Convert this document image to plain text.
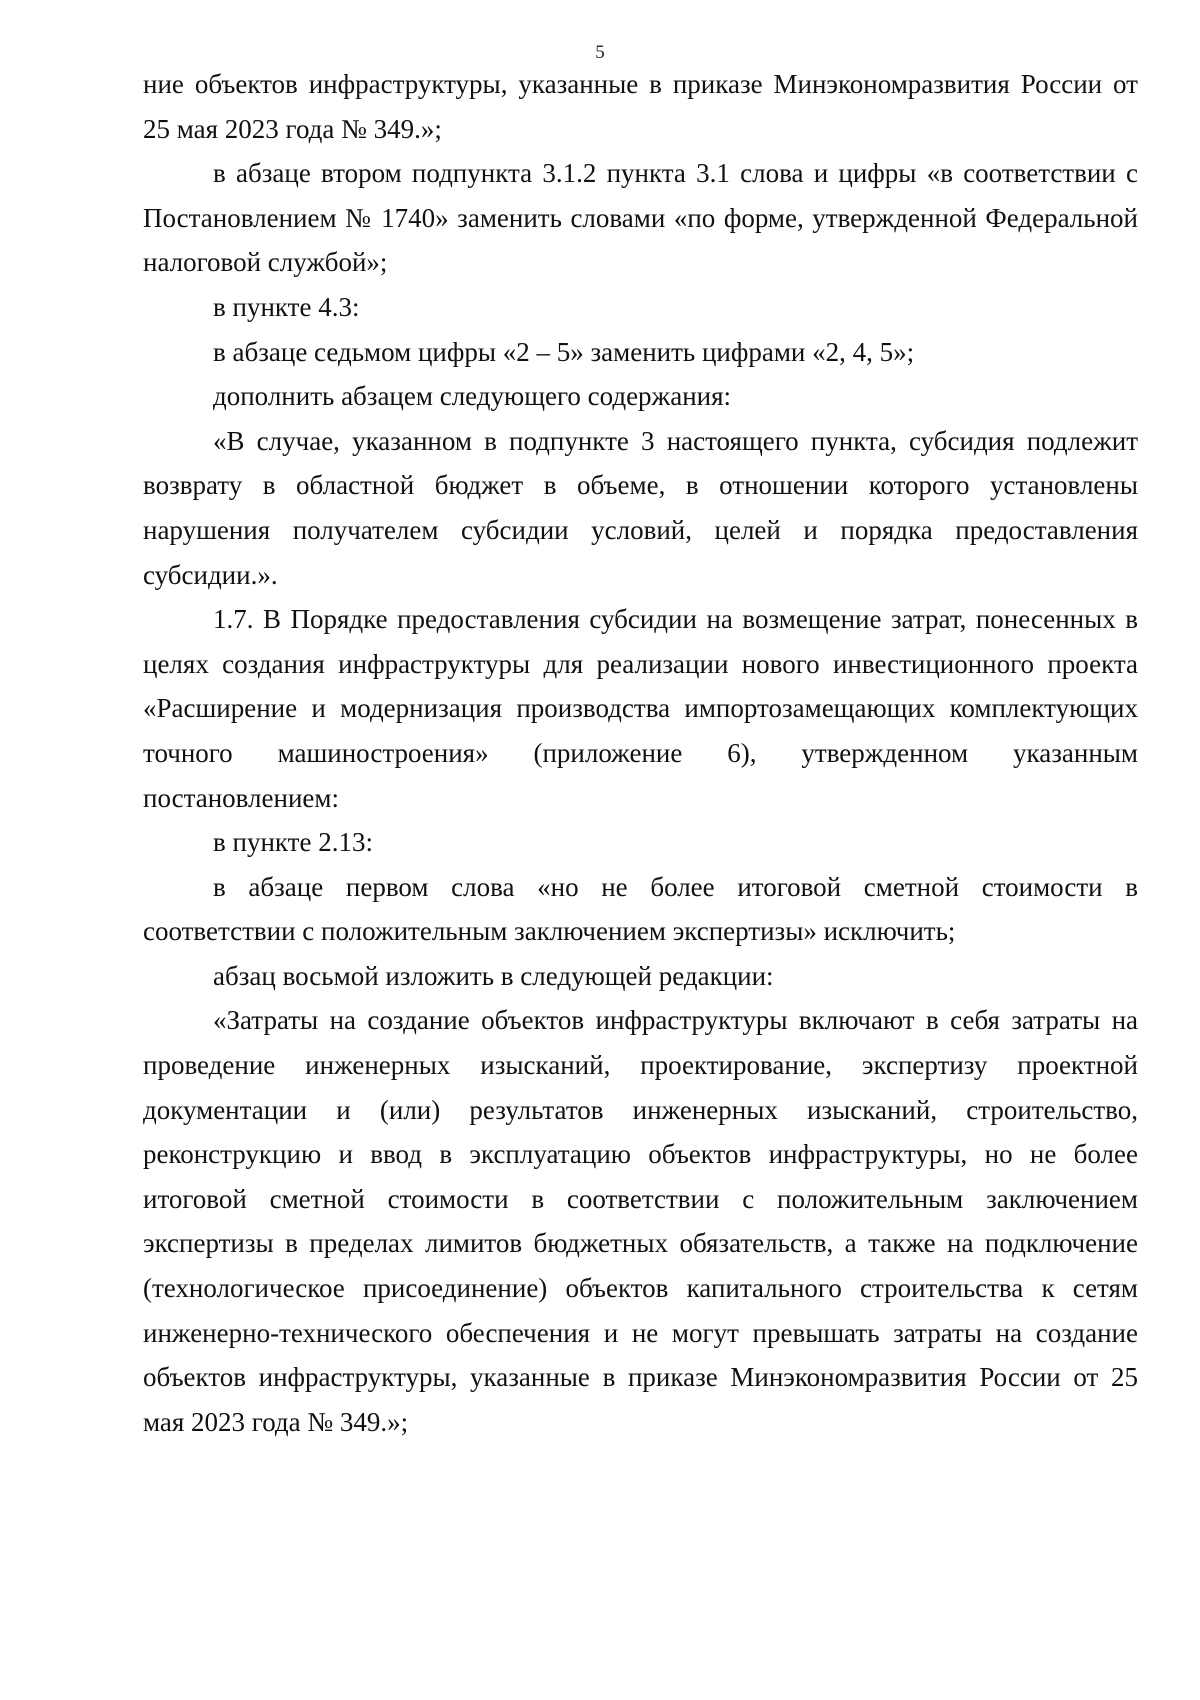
5

ние объектов инфраструктуры, указанные в приказе Минэкономразвития России от 25 мая 2023 года № 349.»;

в абзаце втором подпункта 3.1.2 пункта 3.1 слова и цифры «в соответствии с Постановлением № 1740» заменить словами «по форме, утвержденной Федеральной налоговой службой»;

в пункте 4.3:

в абзаце седьмом цифры «2 – 5» заменить цифрами «2, 4, 5»;

дополнить абзацем следующего содержания:

«В случае, указанном в подпункте 3 настоящего пункта, субсидия подлежит возврату в областной бюджет в объеме, в отношении которого установлены нарушения получателем субсидии условий, целей и порядка предоставления субсидии.».

1.7. В Порядке предоставления субсидии на возмещение затрат, понесенных в целях создания инфраструктуры для реализации нового инвестиционного проекта «Расширение и модернизация производства импортозамещающих комплектующих точного машиностроения» (приложение 6), утвержденном указанным постановлением:

в пункте 2.13:

в абзаце первом слова «но не более итоговой сметной стоимости в соответствии с положительным заключением экспертизы» исключить;

абзац восьмой изложить в следующей редакции:

«Затраты на создание объектов инфраструктуры включают в себя затраты на проведение инженерных изысканий, проектирование, экспертизу проектной документации и (или) результатов инженерных изысканий, строительство, реконструкцию и ввод в эксплуатацию объектов инфраструктуры, но не более итоговой сметной стоимости в соответствии с положительным заключением экспертизы в пределах лимитов бюджетных обязательств, а также на подключение (технологическое присоединение) объектов капитального строительства к сетям инженерно-технического обеспечения и не могут превышать затраты на создание объектов инфраструктуры, указанные в приказе Минэкономразвития России от 25 мая 2023 года № 349.»;
